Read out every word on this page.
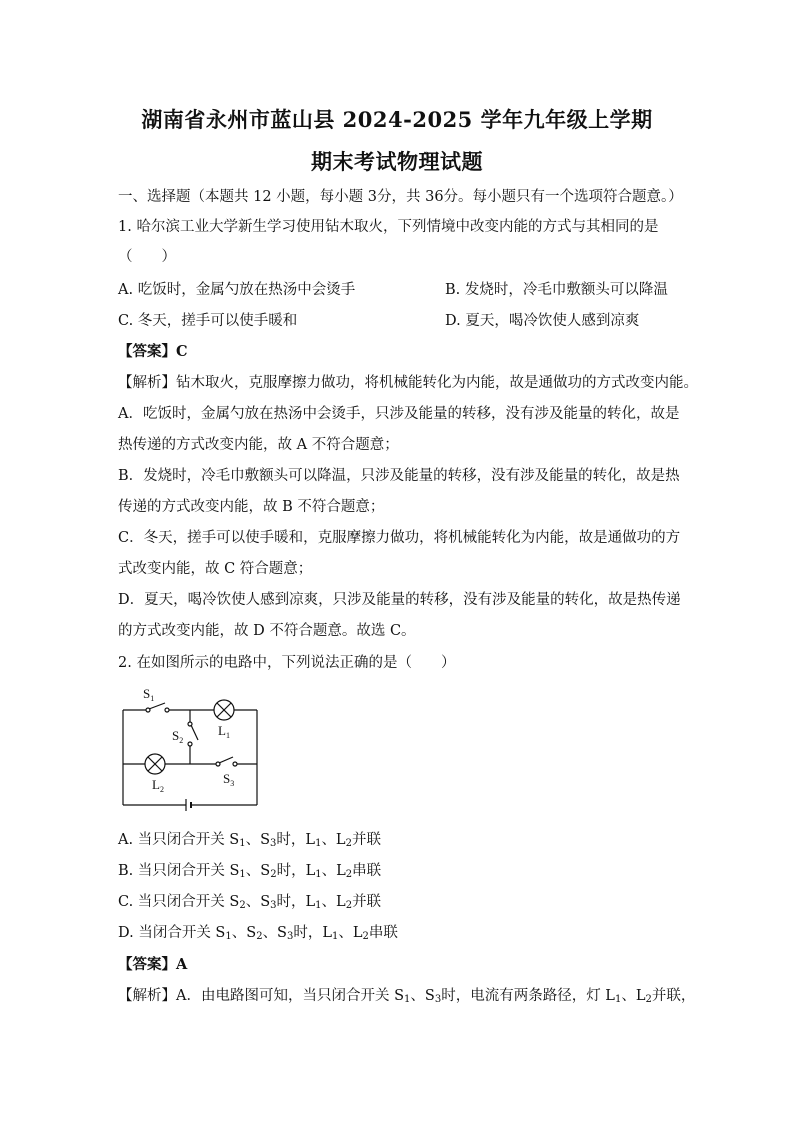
湖南省永州市蓝山县 2024-2025 学年九年级上学期
期末考试物理试题
一、选择题（本题共 12 小题，每小题 3分，共 36分。每小题只有一个选项符合题意。）
1. 哈尔滨工业大学新生学习使用钻木取火，下列情境中改变内能的方式与其相同的是
（　　）
A. 吃饭时，金属勺放在热汤中会烫手	B. 发烧时，冷毛巾敷额头可以降温
C. 冬天，搓手可以使手暖和	D. 夏天，喝冷饮使人感到凉爽
【答案】C
【解析】钻木取火，克服摩擦力做功，将机械能转化为内能，故是通做功的方式改变内能。
A．吃饭时，金属勺放在热汤中会烫手，只涉及能量的转移，没有涉及能量的转化，故是
热传递的方式改变内能，故 A 不符合题意；
B．发烧时，冷毛巾敷额头可以降温，只涉及能量的转移，没有涉及能量的转化，故是热
传递的方式改变内能，故 B 不符合题意；
C．冬天，搓手可以使手暖和，克服摩擦力做功，将机械能转化为内能，故是通做功的方
式改变内能，故 C 符合题意；
D．夏天，喝冷饮使人感到凉爽，只涉及能量的转移，没有涉及能量的转化，故是热传递
的方式改变内能，故 D 不符合题意。故选 C。
2. 在如图所示的电路中，下列说法正确的是（　　）
$S_1$
$L_1$
$S_2$
$S_3$
$L_2$
A. 当只闭合开关 $S_1$、$S_3$时，$L_1$、$L_2$并联
B. 当只闭合开关 $S_1$、$S_2$时，$L_1$、$L_2$串联
C. 当只闭合开关 $S_2$、$S_3$时，$L_1$、$L_2$并联
D. 当闭合开关 $S_1$、$S_2$、$S_3$时，$L_1$、$L_2$串联
【答案】A
【解析】A．由电路图可知，当只闭合开关 $S_1$、$S_3$时，电流有两条路径，灯 $L_1$、$L_2$并联，
